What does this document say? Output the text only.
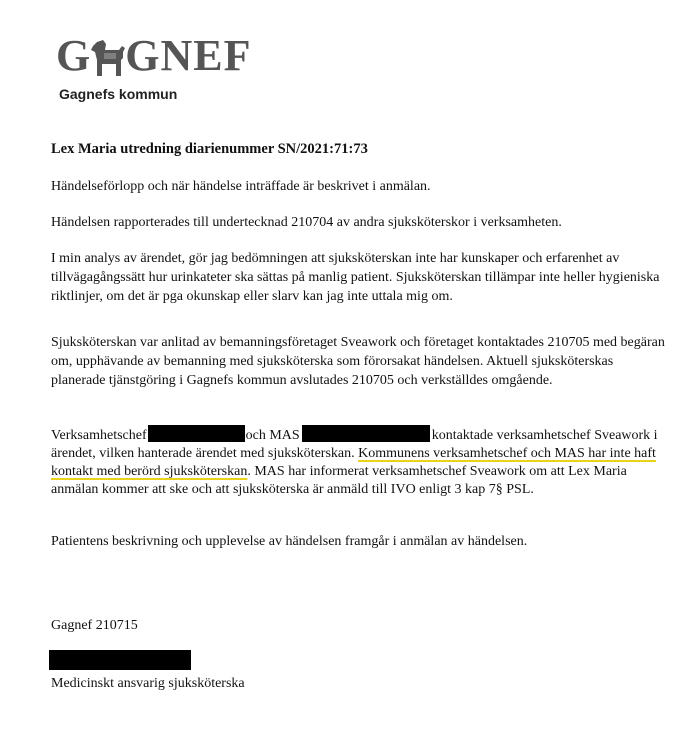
G GNEF
Gagnefs kommun
Lex Maria utredning diarienummer SN/2021:71:73

Händelseförlopp och när händelse inträffade är beskrivet i anmälan.

Händelsen rapporterades till undertecknad 210704 av andra sjuksköterskor i verksamheten.

I min analys av ärendet, gör jag bedömningen att sjuksköterskan inte har kunskaper och erfarenhet av tillvägagångssätt hur urinkateter ska sättas på manlig patient. Sjuksköterskan tillämpar inte heller hygieniska riktlinjer, om det är pga okunskap eller slarv kan jag inte uttala mig om.

Sjuksköterskan var anlitad av bemanningsföretaget Sveawork och företaget kontaktades 210705 med begäran om, upphävande av bemanning med sjuksköterska som förorsakat händelsen. Aktuell sjuksköterskas planerade tjänstgöring i Gagnefs kommun avslutades 210705 och verkställdes omgående.

Verksamhetschef	och MAS	kontaktade verksamhetschef Sveawork i ärendet, vilken hanterade ärendet med sjuksköterskan. Kommunens verksamhetschef och MAS har inte haft kontakt med berörd sjuksköterskan. MAS har informerat verksamhetschef Sveawork om att Lex Maria anmälan kommer att ske och att sjuksköterska är anmäld till IVO enligt 3 kap 7§ PSL.

Patientens beskrivning och upplevelse av händelsen framgår i anmälan av händelsen.

Gagnef 210715
Medicinskt ansvarig sjuksköterska
